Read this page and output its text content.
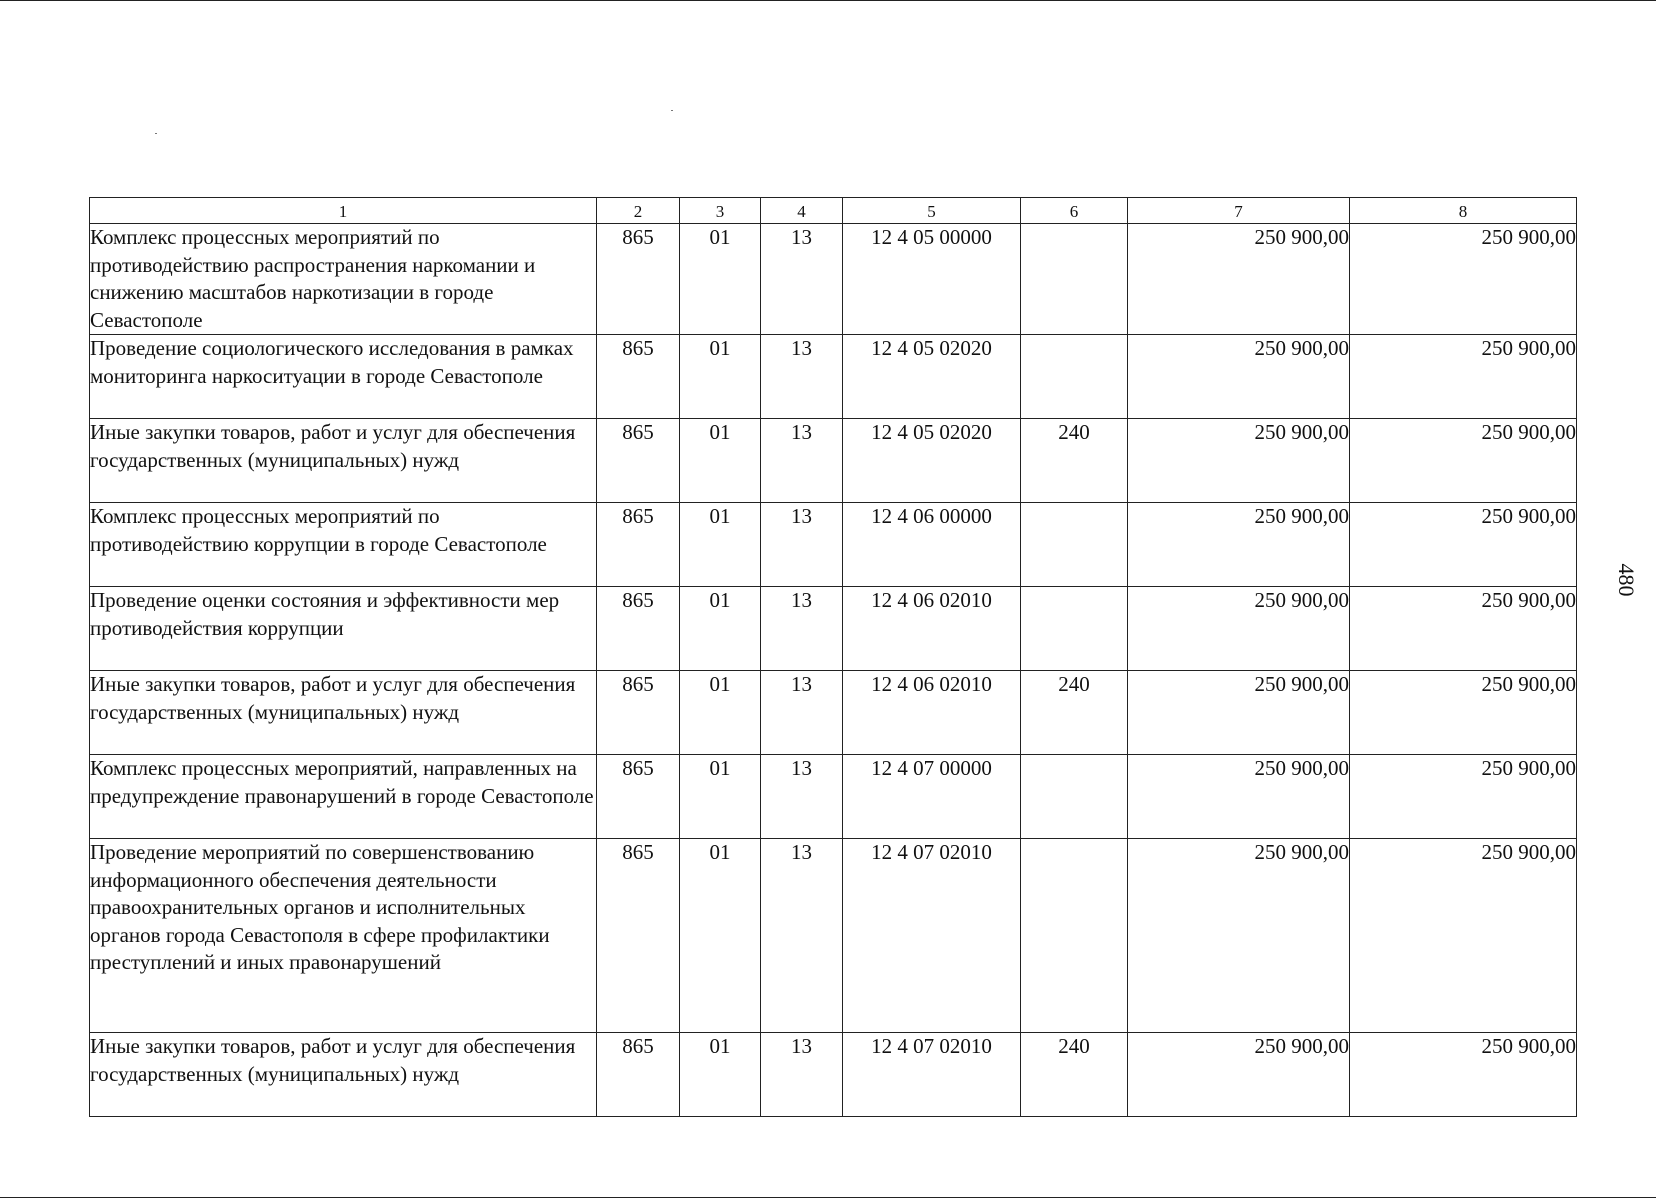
480
1	2	3	4	5	6	7	8
Комплекс процессных мероприятий по противодействию распространения наркомании и снижению масштабов наркотизации в городе Севастополе	865	01	13	12 4 05 00000		250 900,00	250 900,00
Проведение социологического исследования в рамках мониторинга наркоситуации в городе Севастополе	865	01	13	12 4 05 02020		250 900,00	250 900,00
Иные закупки товаров, работ и услуг для обеспечения государственных (муниципальных) нужд	865	01	13	12 4 05 02020	240	250 900,00	250 900,00
Комплекс процессных мероприятий по противодействию коррупции в городе Севастополе	865	01	13	12 4 06 00000		250 900,00	250 900,00
Проведение оценки состояния и эффективности мер противодействия коррупции	865	01	13	12 4 06 02010		250 900,00	250 900,00
Иные закупки товаров, работ и услуг для обеспечения государственных (муниципальных) нужд	865	01	13	12 4 06 02010	240	250 900,00	250 900,00
Комплекс процессных мероприятий, направленных на предупреждение правонарушений в городе Севастополе	865	01	13	12 4 07 00000		250 900,00	250 900,00
Проведение мероприятий по совершенствованию информационного обеспечения деятельности правоохранительных органов и исполнительных органов города Севастополя в сфере профилактики преступлений и иных правонарушений	865	01	13	12 4 07 02010		250 900,00	250 900,00
Иные закупки товаров, работ и услуг для обеспечения государственных (муниципальных) нужд	865	01	13	12 4 07 02010	240	250 900,00	250 900,00
